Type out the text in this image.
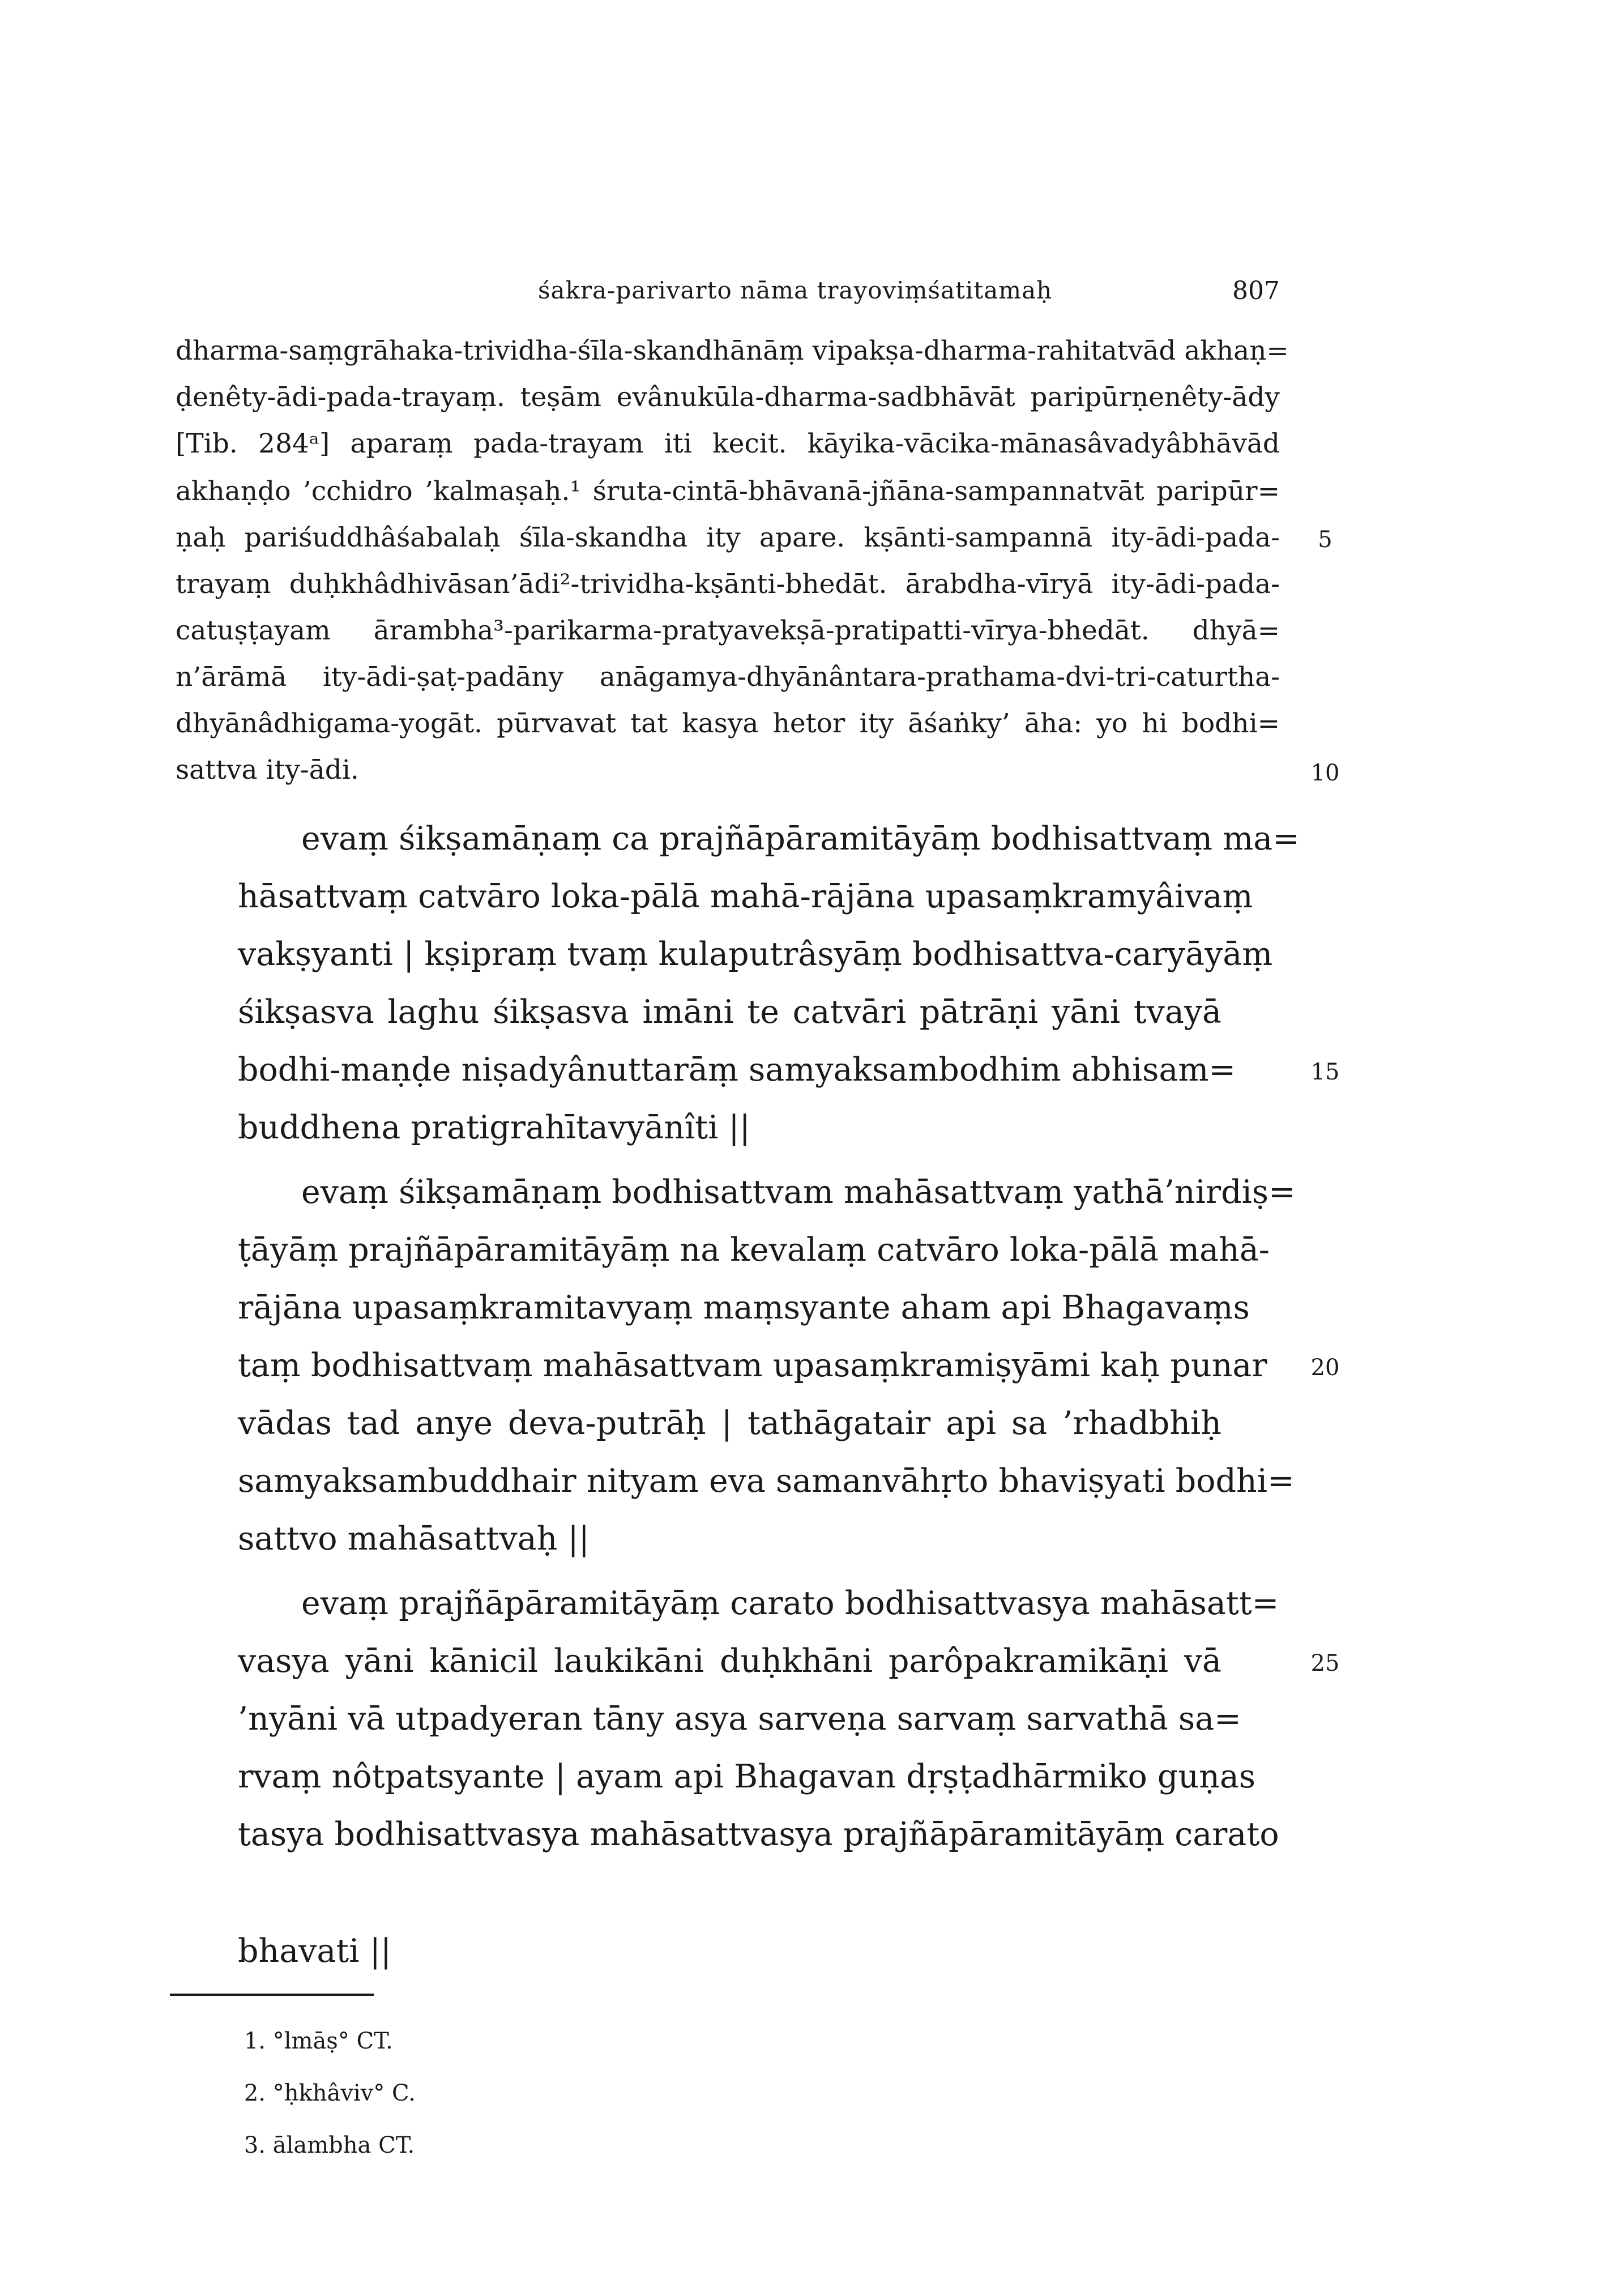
śakra-parivarto nāma trayoviṃśatitamaḥ	807
dharma-saṃgrāhaka-trividha-śīla-skandhānāṃ vipakṣa-dharma-rahitatvād akhaṇ=
ḍenêty-ādi-pada-trayaṃ. teṣām evânukūla-dharma-sadbhāvāt paripūrṇenêty-ādy
[Tib. 284ᵃ] aparaṃ pada-trayam iti kecit. kāyika-vācika-mānasâvadyâbhāvād
akhaṇḍo ’cchidro ’kalmaṣaḥ.¹ śruta-cintā-bhāvanā-jñāna-sampannatvāt paripūr=
ṇaḥ pariśuddhâśabalaḥ śīla-skandha ity apare. kṣānti-sampannā ity-ādi-pada-
trayaṃ duḥkhâdhivāsan’ādi²-trividha-kṣānti-bhedāt. ārabdha-vīryā ity-ādi-pada-
catuṣṭayam ārambha³-parikarma-pratyavekṣā-pratipatti-vīrya-bhedāt. dhyā=
n’ārāmā ity-ādi-ṣaṭ-padāny anāgamya-dhyānântara-prathama-dvi-tri-caturtha-
dhyānâdhigama-yogāt. pūrvavat tat kasya hetor ity āśaṅky’ āha: yo hi bodhi=
sattva ity-ādi.
evaṃ śikṣamāṇaṃ ca prajñāpāramitāyāṃ bodhisattvaṃ ma=
hāsattvaṃ catvāro loka-pālā mahā-rājāna upasaṃkramyâivaṃ
vakṣyanti | kṣipraṃ tvaṃ kulaputrâsyāṃ bodhisattva-caryāyāṃ
śikṣasva laghu śikṣasva imāni te catvāri pātrāṇi yāni tvayā
bodhi-maṇḍe niṣadyânuttarāṃ samyaksambodhim abhisam=
buddhena pratigrahītavyānîti ||
evaṃ śikṣamāṇaṃ bodhisattvam mahāsattvaṃ yathā’nirdiṣ=
ṭāyāṃ prajñāpāramitāyāṃ na kevalaṃ catvāro loka-pālā mahā-
rājāna upasaṃkramitavyaṃ maṃsyante aham api Bhagavaṃs
taṃ bodhisattvaṃ mahāsattvam upasaṃkramiṣyāmi kaḥ punar
vādas tad anye deva-putrāḥ | tathāgatair api sa ’rhadbhiḥ
samyaksambuddhair nityam eva samanvāhṛto bhaviṣyati bodhi=
sattvo mahāsattvaḥ ||
evaṃ prajñāpāramitāyāṃ carato bodhisattvasya mahāsatt=
vasya yāni kānicil laukikāni duḥkhāni parôpakramikāṇi vā
’nyāni vā utpadyeran tāny asya sarveṇa sarvaṃ sarvathā sa=
rvaṃ nôtpatsyante | ayam api Bhagavan dṛṣṭadhārmiko guṇas
tasya bodhisattvasya mahāsattvasya prajñāpāramitāyāṃ carato
bhavati ||
5
10
15
20
25

1. °lmāṣ° CT.

2. °ḥkhâviv° C.

3. ālambha CT.
